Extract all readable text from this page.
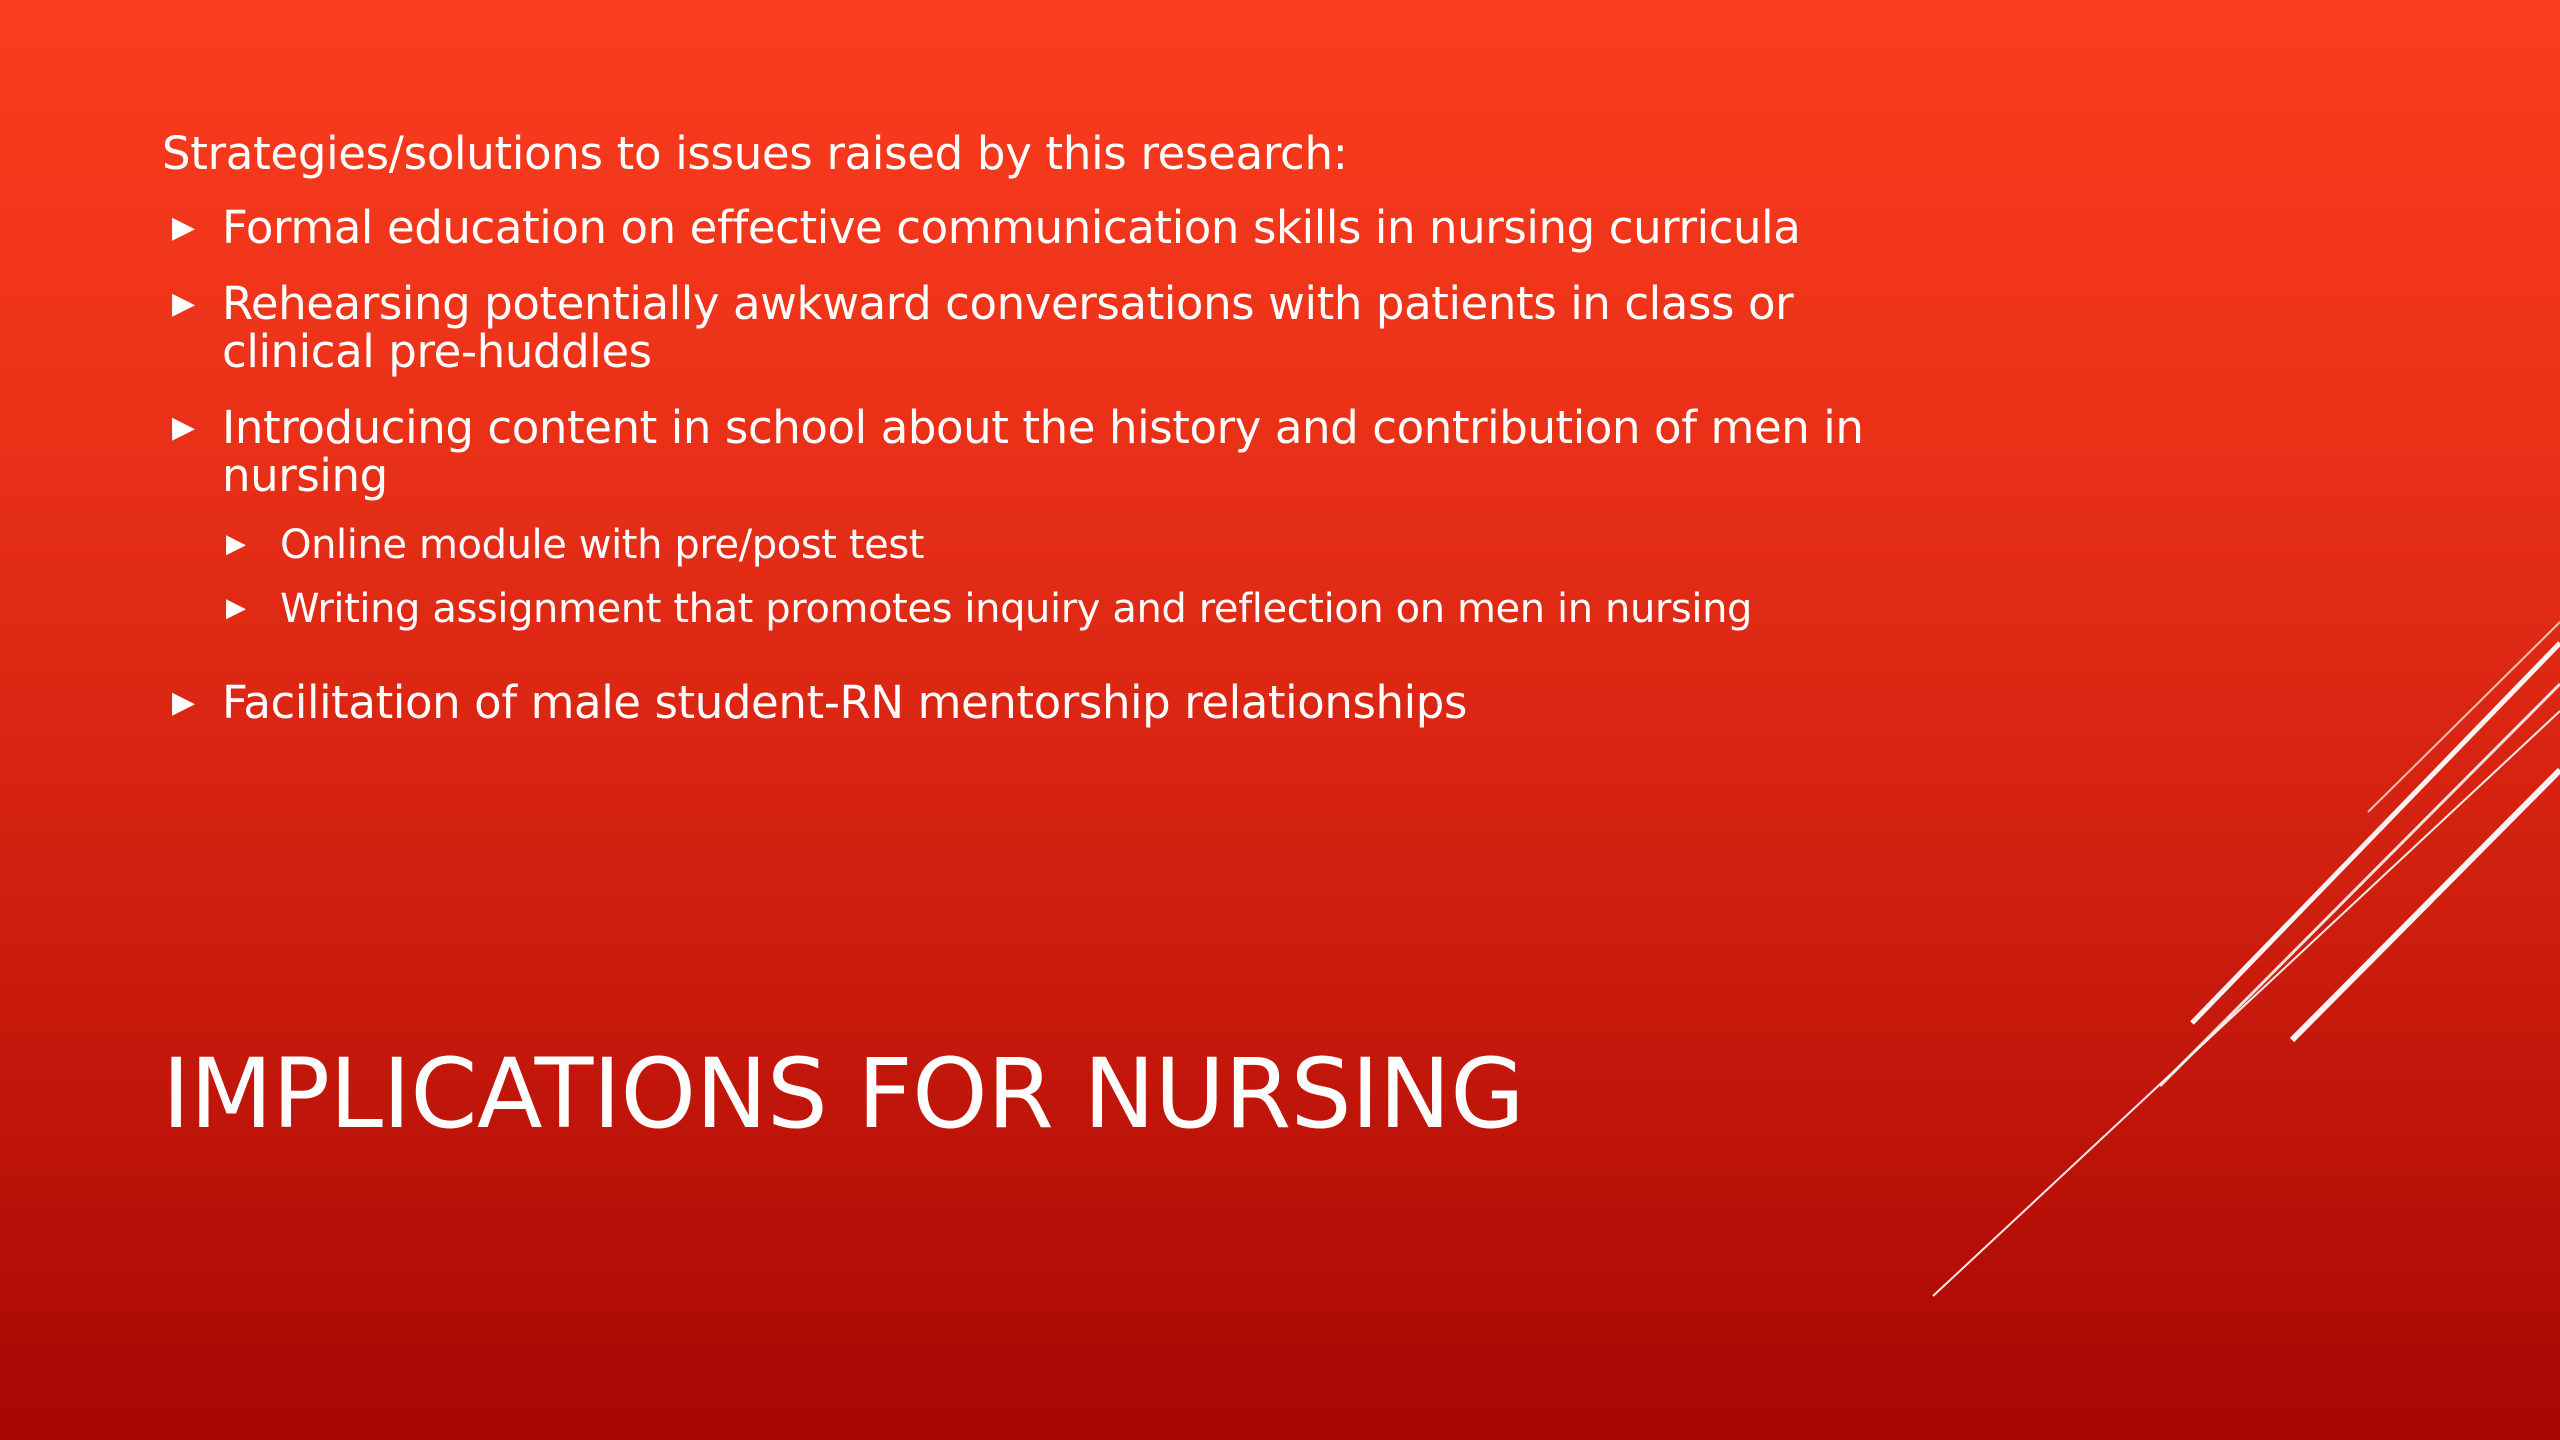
Strategies/solutions to issues raised by this research:

▶ Formal education on effective communication skills in nursing curricula
▶ Rehearsing potentially awkward conversations with patients in class or clinical pre-huddles
▶ Introducing content in school about the history and contribution of men in nursing
▶ Online module with pre/post test
▶ Writing assignment that promotes inquiry and reflection on men in nursing
▶ Facilitation of male student-RN mentorship relationships
IMPLICATIONS FOR NURSING
